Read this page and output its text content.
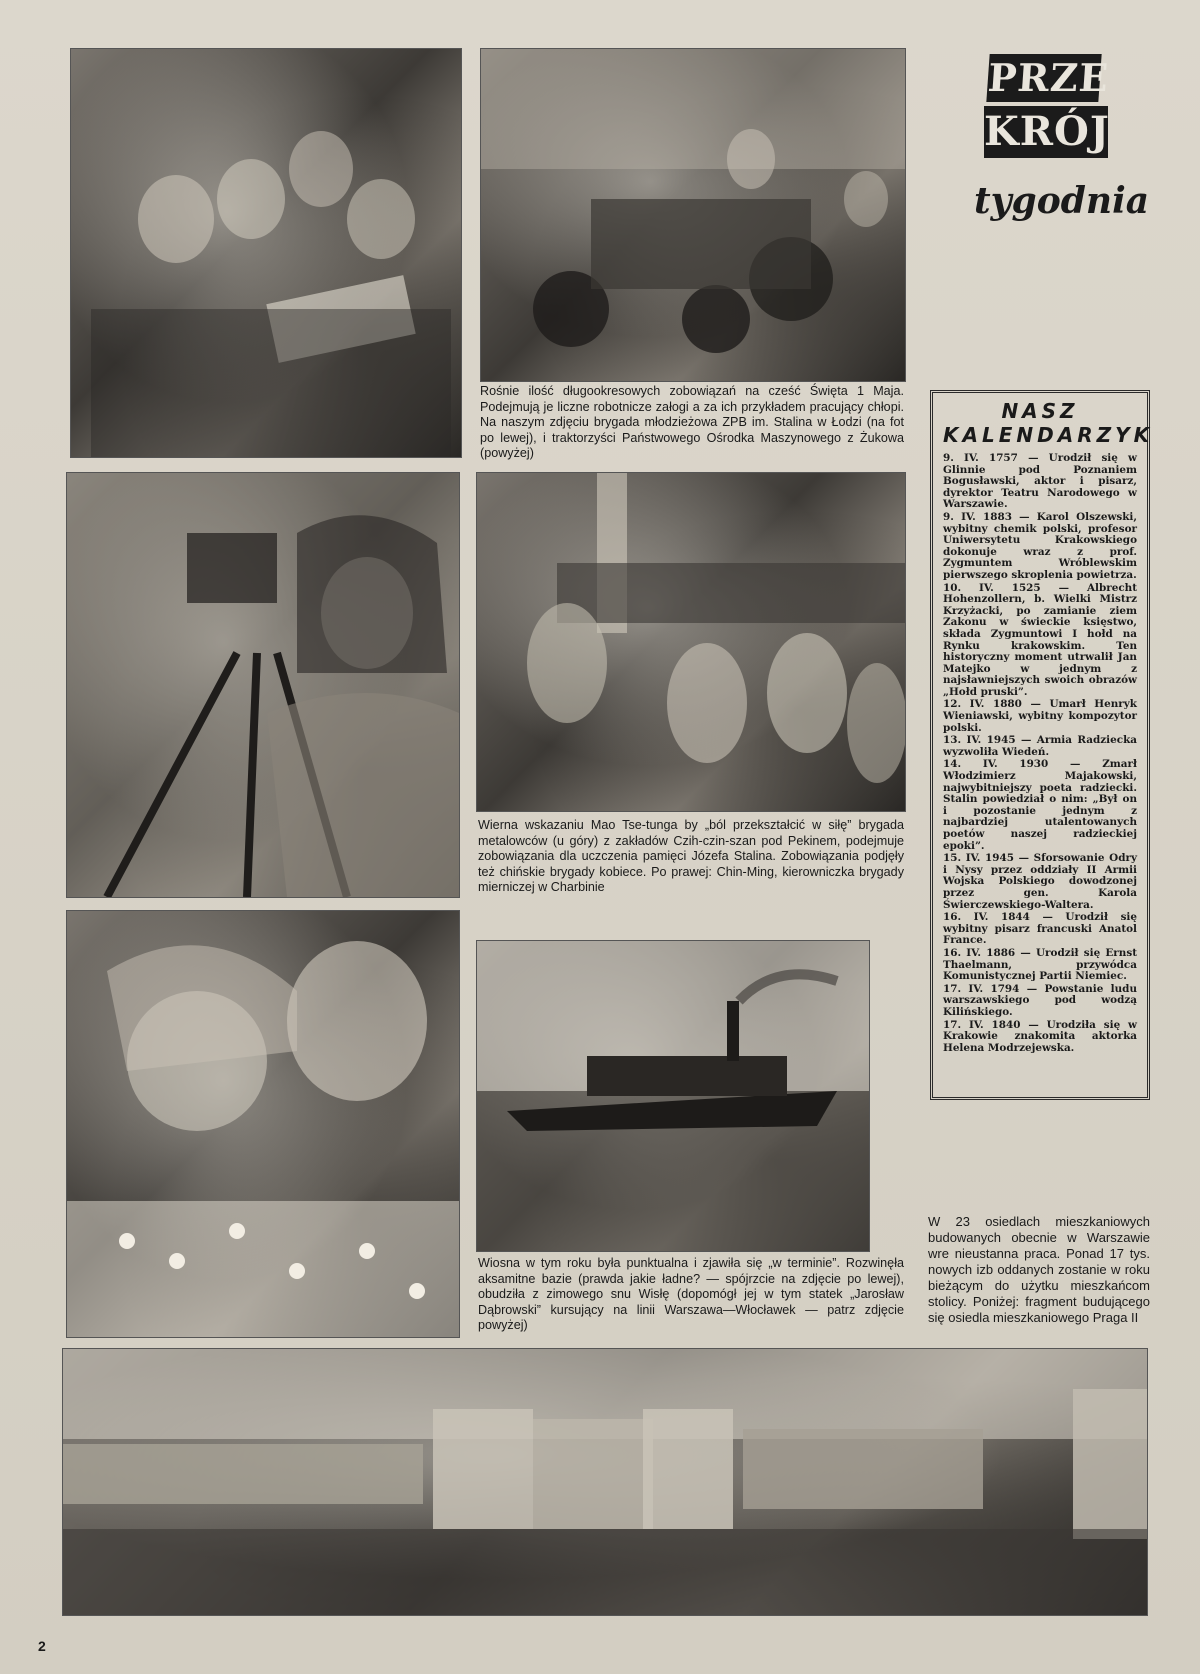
Rośnie ilość długookresowych zobowiązań na cześć Święta 1 Maja. Podejmują je liczne robotnicze załogi a za ich przykładem pracujący chłopi. Na naszym zdjęciu brygada młodzieżowa ZPB im. Stalina w Łodzi (na fot po lewej), i traktorzyści Państwowego Ośrodka Maszynowego z Żukowa (powyżej)
PRZE
KRÓJ
tygodnia
NASZ
KALENDARZYK
9. IV. 1757 — Urodził się w Glinnie pod Poznaniem Bogusławski, aktor i pisarz, dyrektor Teatru Narodowego w Warszawie.
9. IV. 1883 — Karol Olszewski, wybitny chemik polski, profesor Uniwersytetu Krakowskiego dokonuje wraz z prof. Zygmuntem Wróblewskim pierwszego skroplenia powietrza.
10. IV. 1525 — Albrecht Hohenzollern, b. Wielki Mistrz Krzyżacki, po zamianie ziem Zakonu w świeckie księstwo, składa Zygmuntowi I hołd na Rynku krakowskim. Ten historyczny moment utrwalił Jan Matejko w jednym z najsławniejszych swoich obrazów „Hołd pruski”.
12. IV. 1880 — Umarł Henryk Wieniawski, wybitny kompozytor polski.
13. IV. 1945 — Armia Radziecka wyzwoliła Wiedeń.
14. IV. 1930 — Zmarł Włodzimierz Majakowski, najwybitniejszy poeta radziecki. Stalin powiedział o nim: „Był on i pozostanie jednym z najbardziej utalentowanych poetów naszej radzieckiej epoki”.
15. IV. 1945 — Sforsowanie Odry i Nysy przez oddziały II Armii Wojska Polskiego dowodzonej przez gen. Karola Świerczewskiego-Waltera.
16. IV. 1844 — Urodził się wybitny pisarz francuski Anatol France.
16. IV. 1886 — Urodził się Ernst Thaelmann, przywódca Komunistycznej Partii Niemiec.
17. IV. 1794 — Powstanie ludu warszawskiego pod wodzą Kilińskiego.
17. IV. 1840 — Urodziła się w Krakowie znakomita aktorka Helena Modrzejewska.
Wierna wskazaniu Mao Tse-tunga by „ból przekształcić w siłę” brygada metalowców (u góry) z zakładów Czih-czin-szan pod Pekinem, podejmuje zobowiązania dla uczczenia pamięci Józefa Stalina. Zobowiązania podjęły też chińskie brygady kobiece. Po prawej: Chin-Ming, kierowniczka brygady mierniczej w Charbinie
Wiosna w tym roku była punktualna i zjawiła się „w terminie”. Rozwinęła aksamitne bazie (prawda jakie ładne? — spójrzcie na zdjęcie po lewej), obudziła z zimowego snu Wisłę (dopomógł jej w tym statek „Jarosław Dąbrowski” kursujący na linii Warszawa—Włocławek — patrz zdjęcie powyżej)
W 23 osiedlach mieszkaniowych budowanych obecnie w Warszawie wre nieustanna praca. Ponad 17 tys. nowych izb oddanych zostanie w roku bieżącym do użytku mieszkańcom stolicy. Poniżej: fragment budującego się osiedla mieszkaniowego Praga II
2
